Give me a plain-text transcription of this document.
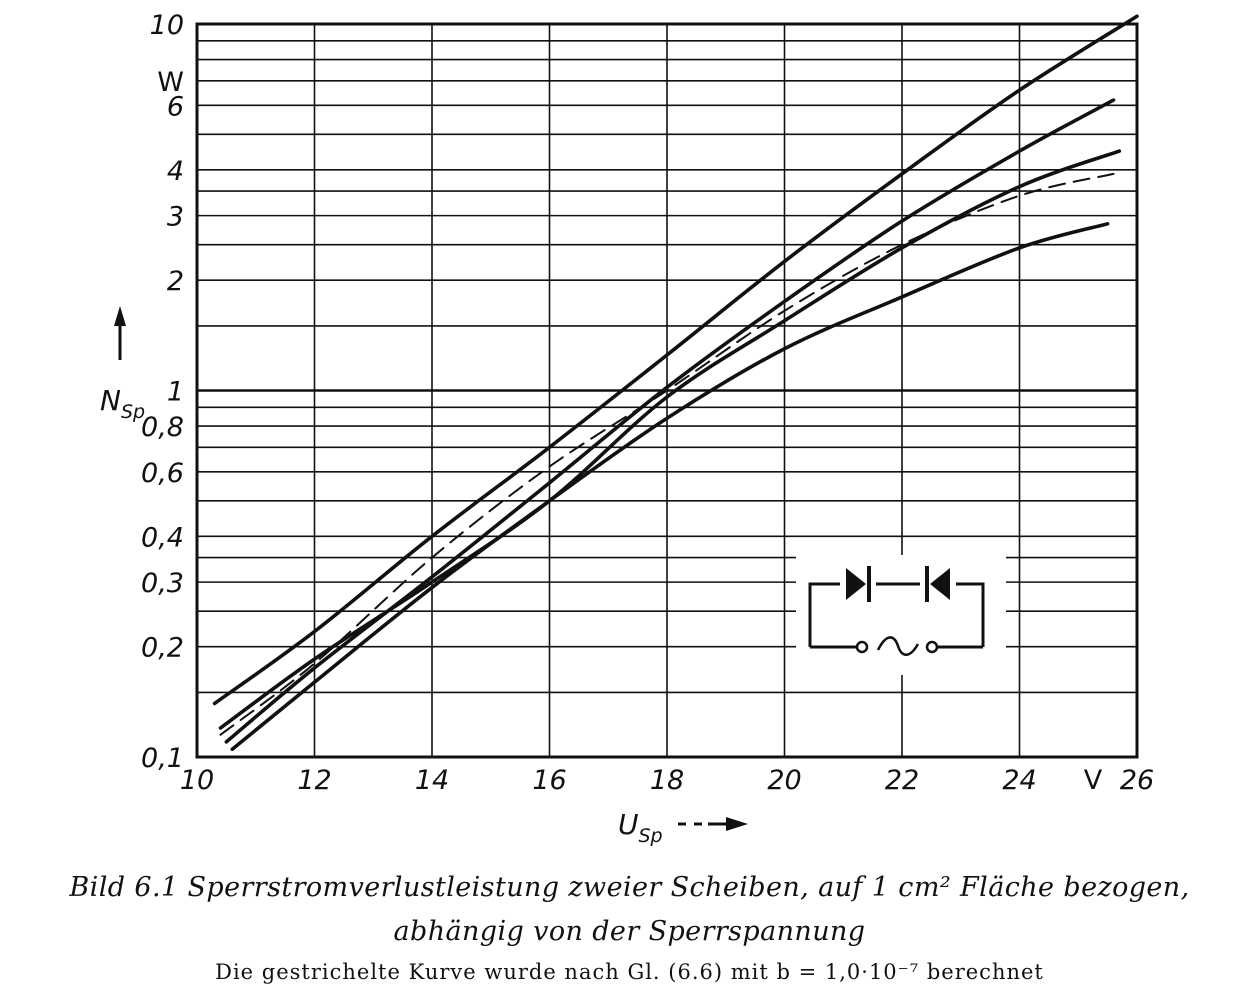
10	12	14	16	18	20	22	24	26
0,1
0,2
0,3
0,4
0,6
0,8
1
2
3
4
6
10
W
V
$N_{Sp}$
$U_{Sp}$
Bild 6.1 Sperrstromverlustleistung zweier Scheiben, auf 1 cm² Fläche bezogen,
abhängig von der Sperrspannung
Die gestrichelte Kurve wurde nach Gl. (6.6) mit b = 1,0·10⁻⁷ berechnet
